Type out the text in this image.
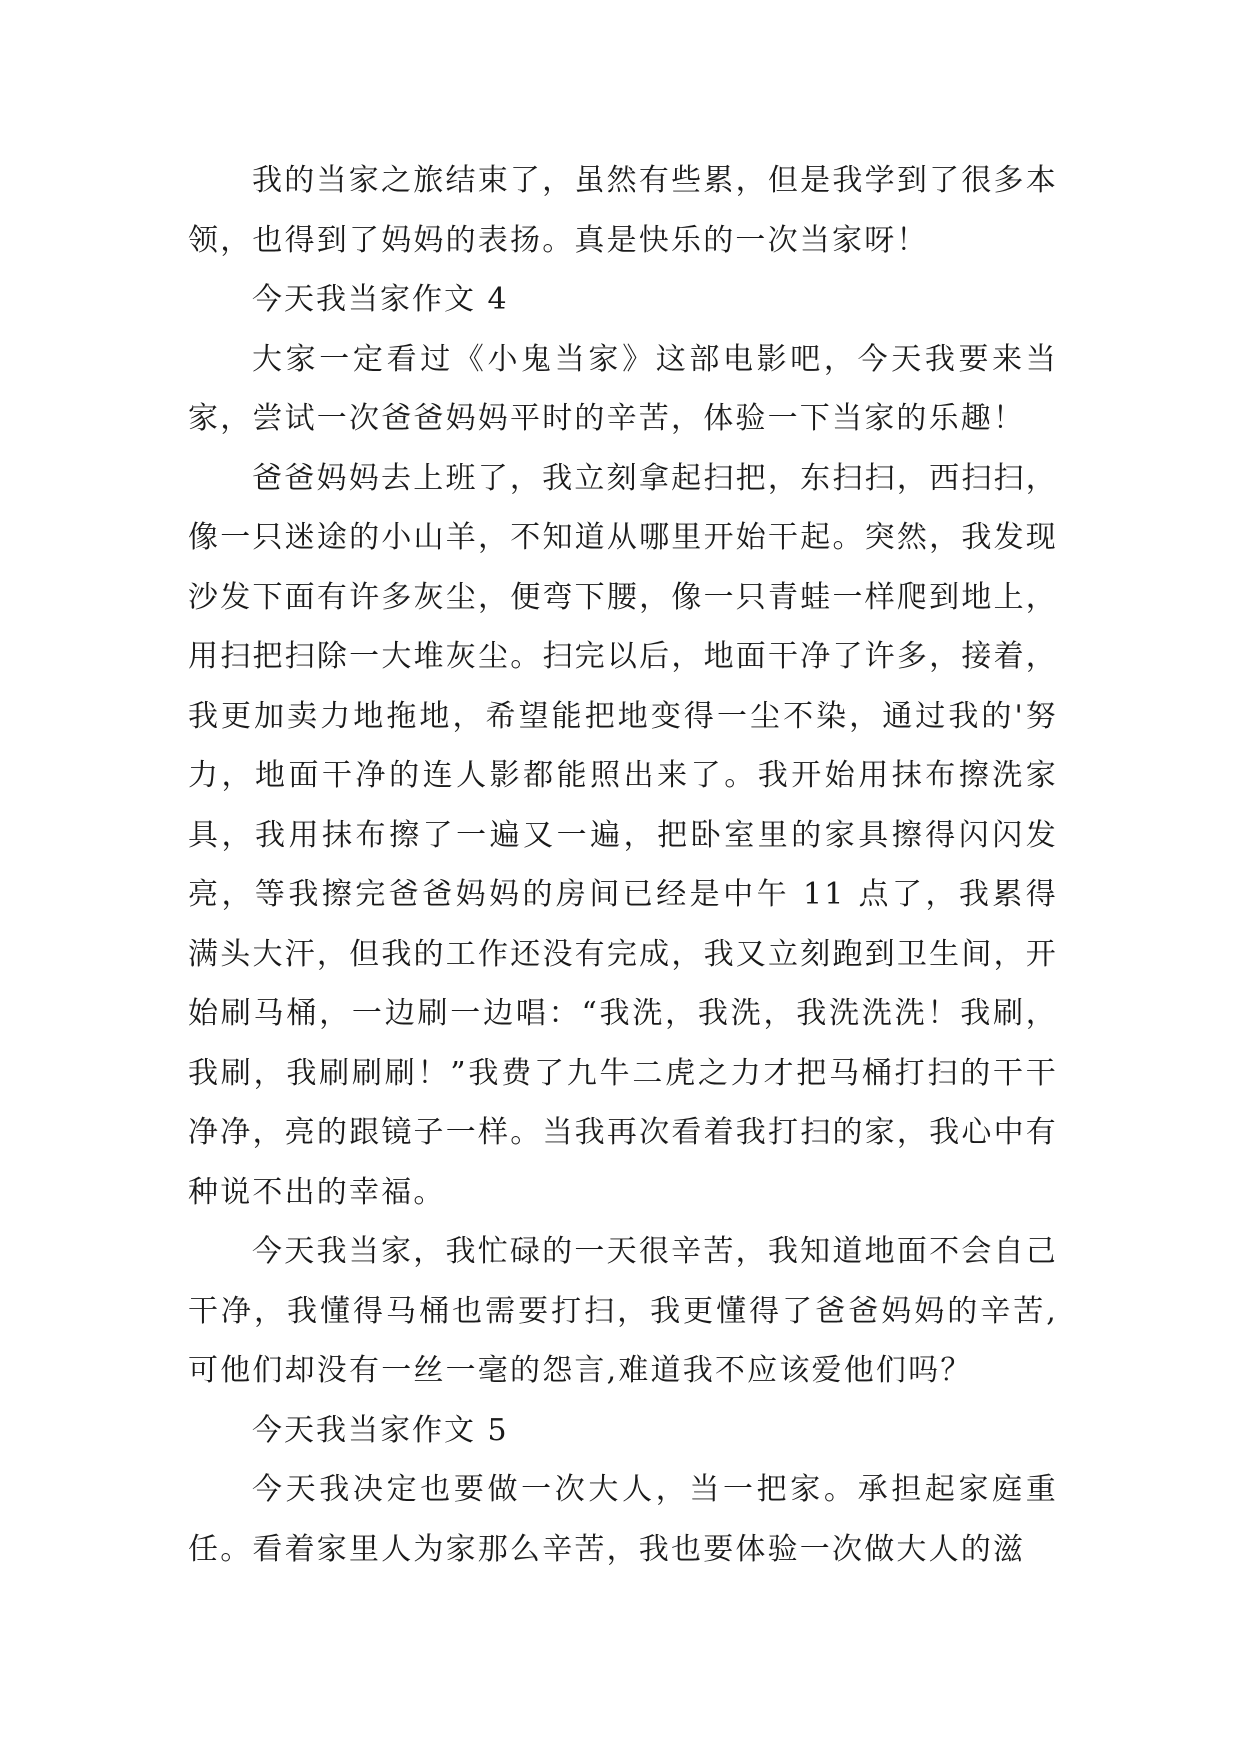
我的当家之旅结束了，虽然有些累，但是我学到了很多本领，也得到了妈妈的表扬。真是快乐的一次当家呀！

今天我当家作文 4

大家一定看过《小鬼当家》这部电影吧，今天我要来当家，尝试一次爸爸妈妈平时的辛苦，体验一下当家的乐趣！

爸爸妈妈去上班了，我立刻拿起扫把，东扫扫，西扫扫，像一只迷途的小山羊，不知道从哪里开始干起。突然，我发现沙发下面有许多灰尘，便弯下腰，像一只青蛙一样爬到地上，用扫把扫除一大堆灰尘。扫完以后，地面干净了许多，接着，我更加卖力地拖地，希望能把地变得一尘不染，通过我的'努力，地面干净的连人影都能照出来了。我开始用抹布擦洗家具，我用抹布擦了一遍又一遍，把卧室里的家具擦得闪闪发亮，等我擦完爸爸妈妈的房间已经是中午 11 点了，我累得满头大汗，但我的工作还没有完成，我又立刻跑到卫生间，开始刷马桶，一边刷一边唱：“我洗，我洗，我洗洗洗！我刷，我刷，我刷刷刷！”我费了九牛二虎之力才把马桶打扫的干干净净，亮的跟镜子一样。当我再次看着我打扫的家，我心中有种说不出的幸福。

今天我当家，我忙碌的一天很辛苦，我知道地面不会自己干净，我懂得马桶也需要打扫，我更懂得了爸爸妈妈的辛苦,可他们却没有一丝一毫的怨言,难道我不应该爱他们吗？

今天我当家作文 5

今天我决定也要做一次大人，当一把家。承担起家庭重任。看着家里人为家那么辛苦，我也要体验一次做大人的滋
